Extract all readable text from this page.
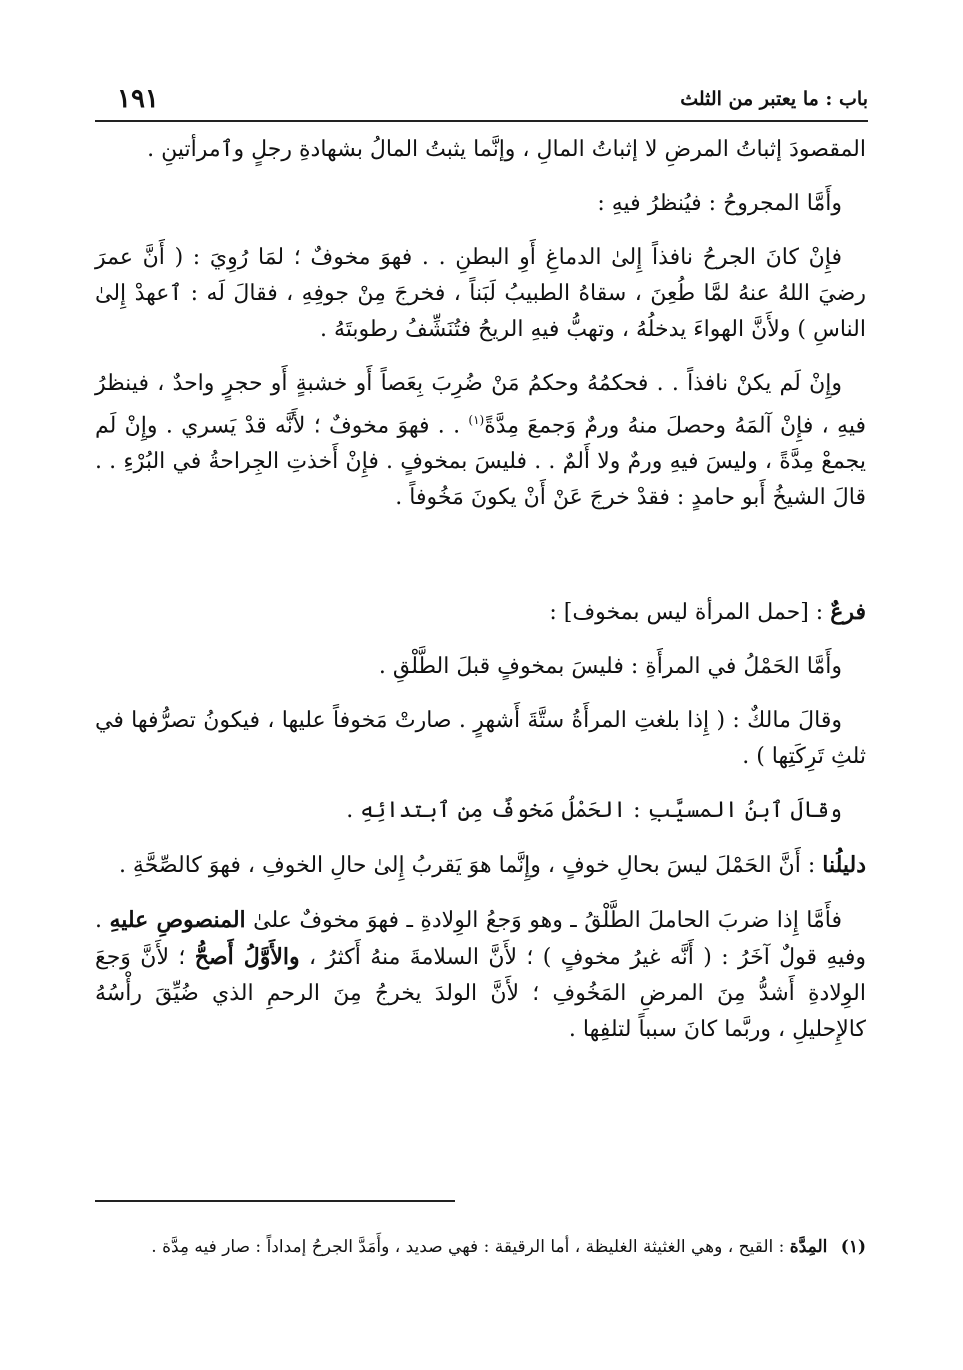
باب : ما يعتبر من الثلث
١٩١

المقصودَ إثباتُ المرضِ لا إثباتُ المالِ ، وإنَّما يثبتُ المالُ بشهادةِ رجلٍ وٱمرأتينِ .

وأَمَّا المجروحُ : فيُنظرُ فيهِ :

فإِنْ كانَ الجرحُ نافذاً إِلىٰ الدماغِ أَوِ البطنِ . . فهوَ مخوفٌ ؛ لمَا رُوِيَ : ( أَنَّ عمرَ رضيَ اللهُ عنهُ لمَّا طُعِنَ ، سقاهُ الطبيبُ لَبَناً ، فخرجَ مِنْ جوفِهِ ، فقالَ لَه : ٱعهدْ إِلىٰ الناسِ ) ولأَنَّ الهواءَ يدخلُهُ ، وتهبُّ فيهِ الريحُ فتُنَشِّفُ رطوبتَهُ .

وإِنْ لَم يكنْ نافذاً . . فحكمُهُ وحكمُ مَنْ ضُرِبَ بِعَصاً أَو خشبةٍ أَو حجرٍ واحدٌ ، فينظرُ فيهِ ، فإِنْ آلمَهُ وحصلَ منهُ ورمٌ وَجمعَ مِدَّةً$^{(١)}$ . . فهوَ مخوفٌ ؛ لأَنَّه قدْ يَسري . وإِنْ لَم يجمعْ مِدَّةً ، وليسَ فيهِ ورمٌ ولا أَلمٌ . . فليسَ بمخوفٍ . فإِنْ أَخذتِ الجِراحةُ في البُرْءِ . . قالَ الشيخُ أَبو حامدٍ : فقدْ خرجَ عَنْ أَنْ يكونَ مَخُوفاً .

فرعٌ : [حمل المرأة ليس بمخوف] :

وأَمَّا الحَمْلُ في المرأَةِ : فليسَ بمخوفٍ قبلَ الطَّلْقِ .

وقالَ مالكٌ : ( إِذا بلغتِ المرأَةُ ستَّةَ أَشهرٍ . صارتْ مَخوفاً عليها ، فيكونُ تصرُّفها في ثلثِ تَرِكَتِها ) .

وقالَ ٱبنُ المسيَّبِ : الحَمْلُ مَخوفٌ مِنِ ٱبتدائِهِ .

دليلُنا : أَنَّ الحَمْلَ ليسَ بحالِ خوفٍ ، وإِنَّما هوَ يَقربُ إِلىٰ حالِ الخوفِ ، فهوَ كالصِّحَّةِ .

فأَمَّا إِذا ضربَ الحاملَ الطَّلْقُ ـ وهو وَجعُ الوِلادةِ ـ فهوَ مخوفٌ علىٰ المنصوصِ عليهِ . وفيهِ قولٌ آخَرُ : ( أَنَّه غيرُ مخوفٍ ) ؛ لأَنَّ السلامةَ منهُ أَكثرُ ، والأَوَّلُ أَصحُّ ؛ لأَنَّ وَجعَ الوِلادةِ أَشدُّ مِنَ المرضِ المَخُوفِ ؛ لأَنَّ الولدَ يخرجُ مِنَ الرحمِ الذي ضُيِّقَ رأْسُهُ كالإِحليلِ ، وربَّما كانَ سبباً لتلفِها .

(١) المِدَّة : القيح ، وهي الغثيثة الغليظة ، أما الرقيقة : فهي صديد ، وأَمَدَّ الجرحُ إمداداً : صار فيه مِدَّة .
